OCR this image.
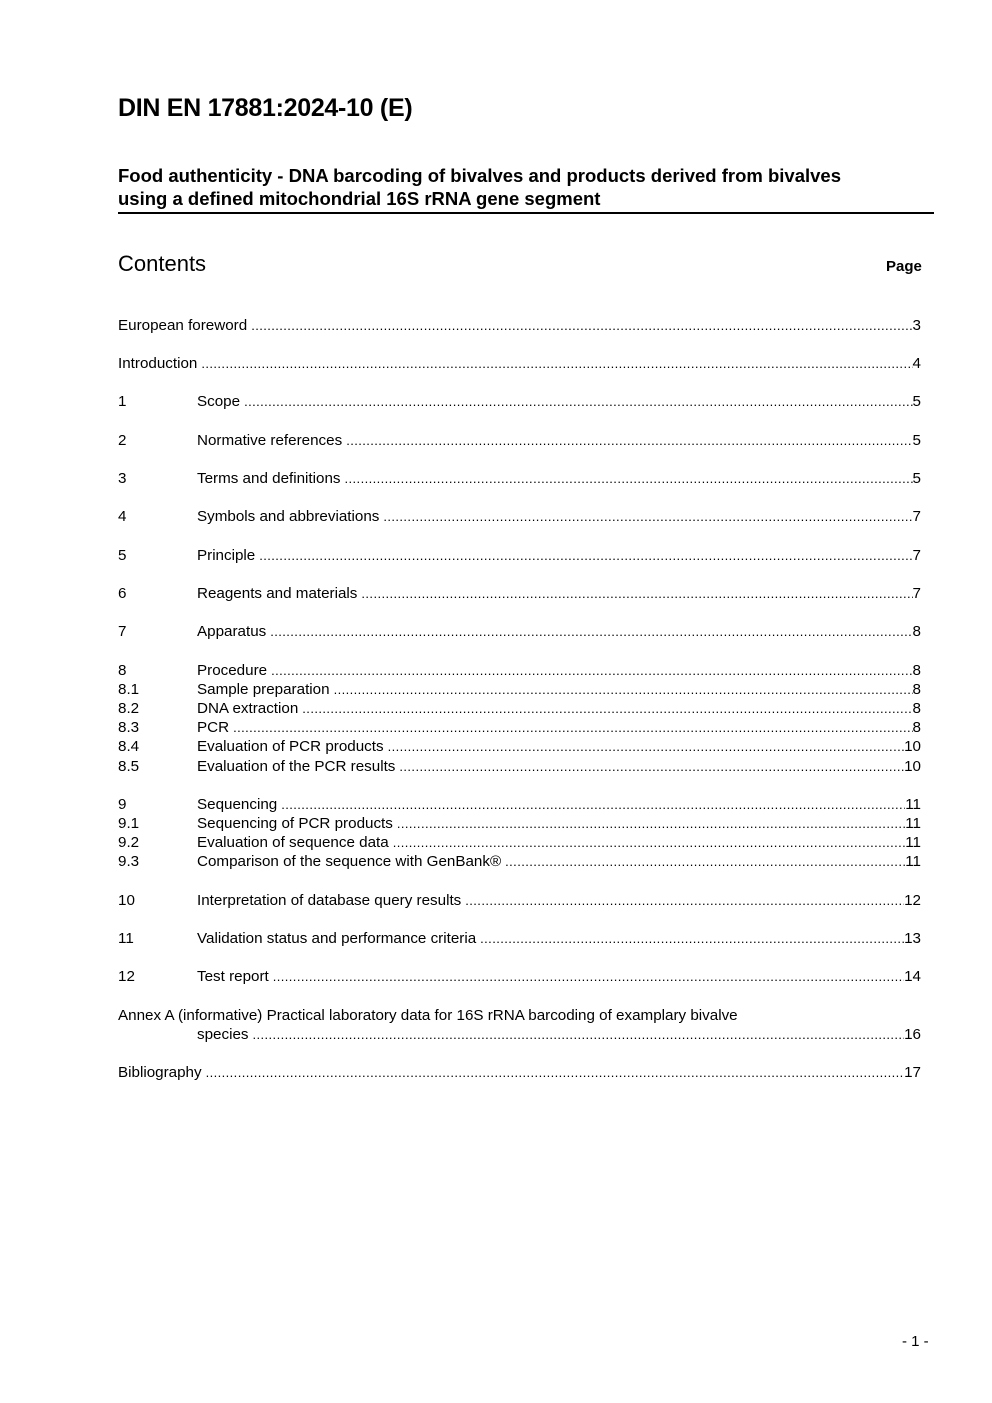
DIN EN 17881:2024-10 (E)
Food authenticity - DNA barcoding of bivalves and products derived from bivalves
using a defined mitochondrial 16S rRNA gene segment
Contents	Page
European foreword .....	3
Introduction .....	4
1	Scope .....	5
2	Normative references .....	5
3	Terms and definitions .....	5
4	Symbols and abbreviations .....	7
5	Principle .....	7
6	Reagents and materials .....	7
7	Apparatus .....	8
8	Procedure .....	8
8.1	Sample preparation .....	8
8.2	DNA extraction .....	8
8.3	PCR .....	8
8.4	Evaluation of PCR products .....	10
8.5	Evaluation of the PCR results .....	10
9	Sequencing .....	11
9.1	Sequencing of PCR products .....	11
9.2	Evaluation of sequence data .....	11
9.3	Comparison of the sequence with GenBank® .....	11
10	Interpretation of database query results .....	12
11	Validation status and performance criteria .....	13
12	Test report .....	14
Annex A (informative) Practical laboratory data for 16S rRNA barcoding of examplary bivalve
species .....	16
Bibliography .....	17
- 1 -
